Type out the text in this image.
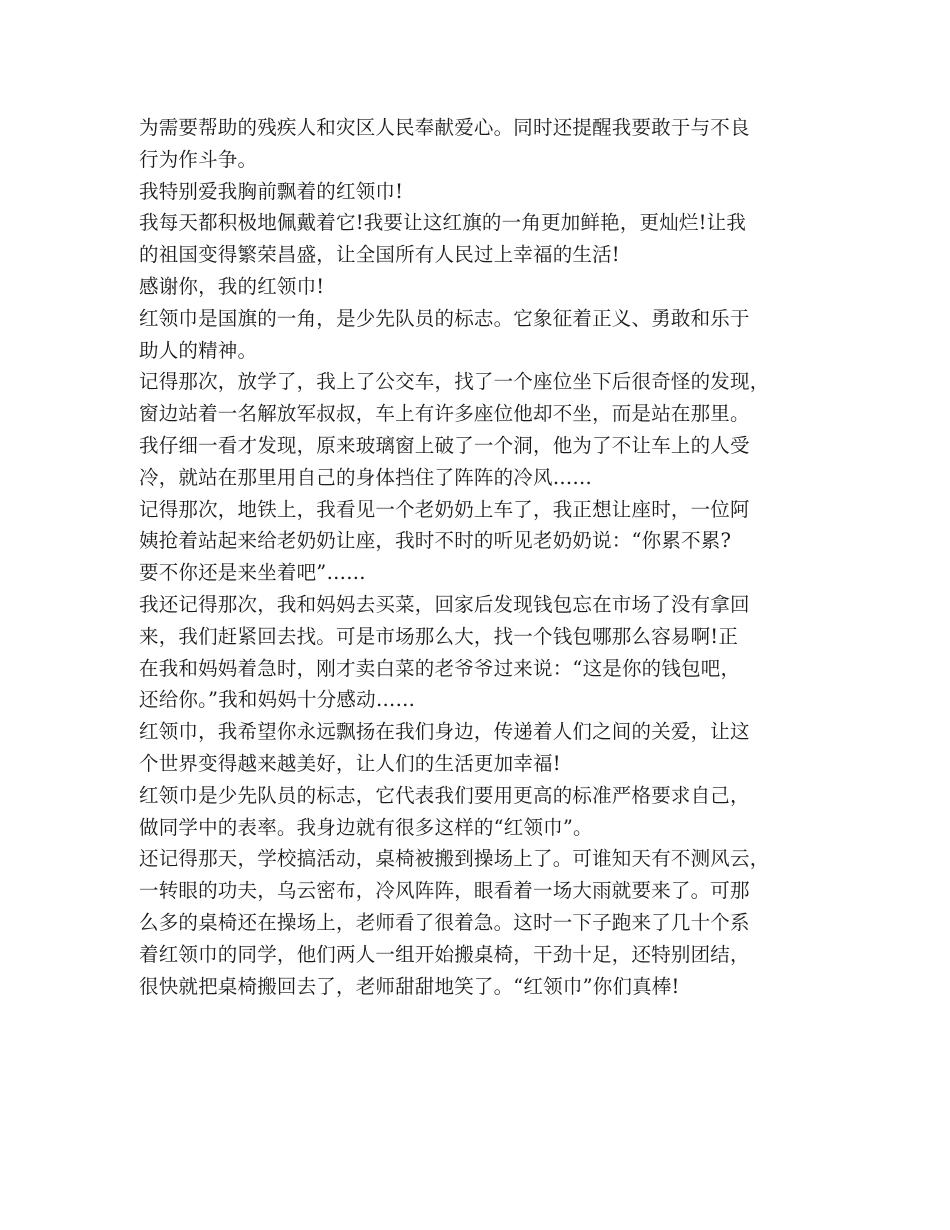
为需要帮助的残疾人和灾区人民奉献爱心。同时还提醒我要敢于与不良
行为作斗争。
我特别爱我胸前飘着的红领巾!
我每天都积极地佩戴着它!我要让这红旗的一角更加鲜艳，更灿烂!让我
的祖国变得繁荣昌盛，让全国所有人民过上幸福的生活!
感谢你，我的红领巾!
红领巾是国旗的一角，是少先队员的标志。它象征着正义、勇敢和乐于
助人的精神。
记得那次，放学了，我上了公交车，找了一个座位坐下后很奇怪的发现，
窗边站着一名解放军叔叔，车上有许多座位他却不坐，而是站在那里。
我仔细一看才发现，原来玻璃窗上破了一个洞，他为了不让车上的人受
冷，就站在那里用自己的身体挡住了阵阵的冷风……
记得那次，地铁上，我看见一个老奶奶上车了，我正想让座时，一位阿
姨抢着站起来给老奶奶让座，我时不时的听见老奶奶说：“你累不累?
要不你还是来坐着吧”……
我还记得那次，我和妈妈去买菜，回家后发现钱包忘在市场了没有拿回
来，我们赶紧回去找。可是市场那么大，找一个钱包哪那么容易啊!正
在我和妈妈着急时，刚才卖白菜的老爷爷过来说：“这是你的钱包吧，
还给你。”我和妈妈十分感动……
红领巾，我希望你永远飘扬在我们身边，传递着人们之间的关爱，让这
个世界变得越来越美好，让人们的生活更加幸福!
红领巾是少先队员的标志，它代表我们要用更高的标准严格要求自己，
做同学中的表率。我身边就有很多这样的“红领巾”。
还记得那天，学校搞活动，桌椅被搬到操场上了。可谁知天有不测风云，
一转眼的功夫，乌云密布，冷风阵阵，眼看着一场大雨就要来了。可那
么多的桌椅还在操场上，老师看了很着急。这时一下子跑来了几十个系
着红领巾的同学，他们两人一组开始搬桌椅，干劲十足，还特别团结，
很快就把桌椅搬回去了，老师甜甜地笑了。“红领巾”你们真棒!
